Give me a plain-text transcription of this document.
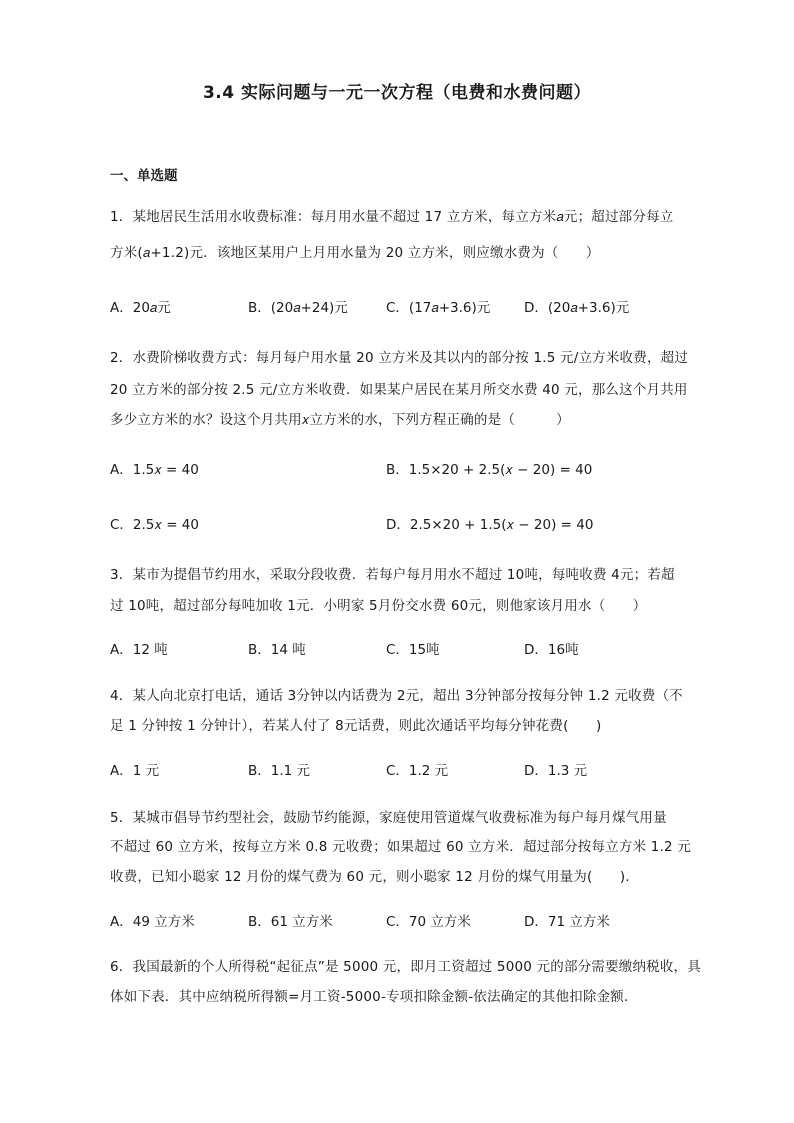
3.4 实际问题与一元一次方程（电费和水费问题）
一、单选题
1．某地居民生活用水收费标准：每月用水量不超过 17 立方米，每立方米𝑎元；超过部分每立
方米(𝑎+1.2)元．该地区某用户上月用水量为 20 立方米，则应缴水费为（　　）
A．20𝑎元	B．(20𝑎+24)元	C．(17𝑎+3.6)元	D．(20𝑎+3.6)元
2．水费阶梯收费方式：每月每户用水量 20 立方米及其以内的部分按 1.5 元/立方米收费，超过
20 立方米的部分按 2.5 元/立方米收费．如果某户居民在某月所交水费 40 元，那么这个月共用
多少立方米的水？设这个月共用𝑥立方米的水，下列方程正确的是（　　　）
A．1.5𝑥 = 40	B．1.5×20 + 2.5(𝑥 − 20) = 40
C．2.5𝑥 = 40	D．2.5×20 + 1.5(𝑥 − 20) = 40
3．某市为提倡节约用水，采取分段收费．若每户每月用水不超过 10吨，每吨收费 4元；若超
过 10吨，超过部分每吨加收 1元．小明家 5月份交水费 60元，则他家该月用水（　　）
A．12 吨	B．14 吨	C．15吨	D．16吨
4．某人向北京打电话，通话 3分钟以内话费为 2元，超出 3分钟部分按每分钟 1.2 元收费（不
足 1 分钟按 1 分钟计），若某人付了 8元话费，则此次通话平均每分钟花费(　　)
A．1 元	B．1.1 元	C．1.2 元	D．1.3 元
5．某城市倡导节约型社会，鼓励节约能源，家庭使用管道煤气收费标准为每户每月煤气用量
不超过 60 立方米，按每立方米 0.8 元收费；如果超过 60 立方米．超过部分按每立方米 1.2 元
收费，已知小聪家 12 月份的煤气费为 60 元，则小聪家 12 月份的煤气用量为(　　)．
A．49 立方米	B．61 立方米	C．70 立方米	D．71 立方米
6．我国最新的个人所得税“起征点”是 5000 元，即月工资超过 5000 元的部分需要缴纳税收，具
体如下表．其中应纳税所得额=月工资-5000-专项扣除金额-依法确定的其他扣除金额．
